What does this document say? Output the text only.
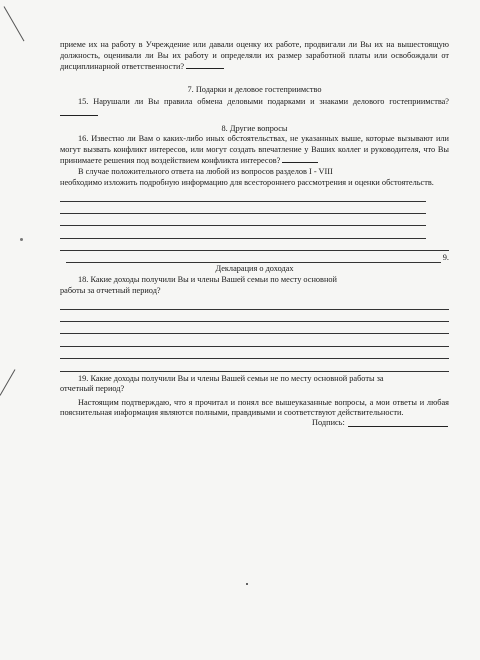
приеме их на работу в Учреждение или давали оценку их работе, продвигали ли Вы их на вышестоящую должность, оценивали ли Вы их работу и определяли их размер заработной платы или освобождали от дисциплинарной ответственности?

7. Подарки и деловое гостеприимство

15. Нарушали ли Вы правила обмена деловыми подарками и знаками делового гостеприимства?

8. Другие вопросы

16. Известно ли Вам о каких-либо иных обстоятельствах, не указанных выше, которые вызывают или могут вызвать конфликт интересов, или могут создать впечатление у Ваших коллег и руководителя, что Вы принимаете решения под воздействием конфликта интересов?

В случае положительного ответа на любой из вопросов разделов I - VIII

необходимо изложить подробную информацию для всестороннего рассмотрения и оценки обстоятельств.

9.

Декларация о доходах

18. Какие доходы получили Вы и члены Вашей семьи по месту основной работы за отчетный период?

19. Какие доходы получили Вы и члены Вашей семьи не по месту основной работы за отчетный период?

Настоящим подтверждаю, что я прочитал и понял все вышеуказанные вопросы, а мои ответы и любая пояснительная информация являются полными, правдивыми и соответствуют действительности.

Подпись:
